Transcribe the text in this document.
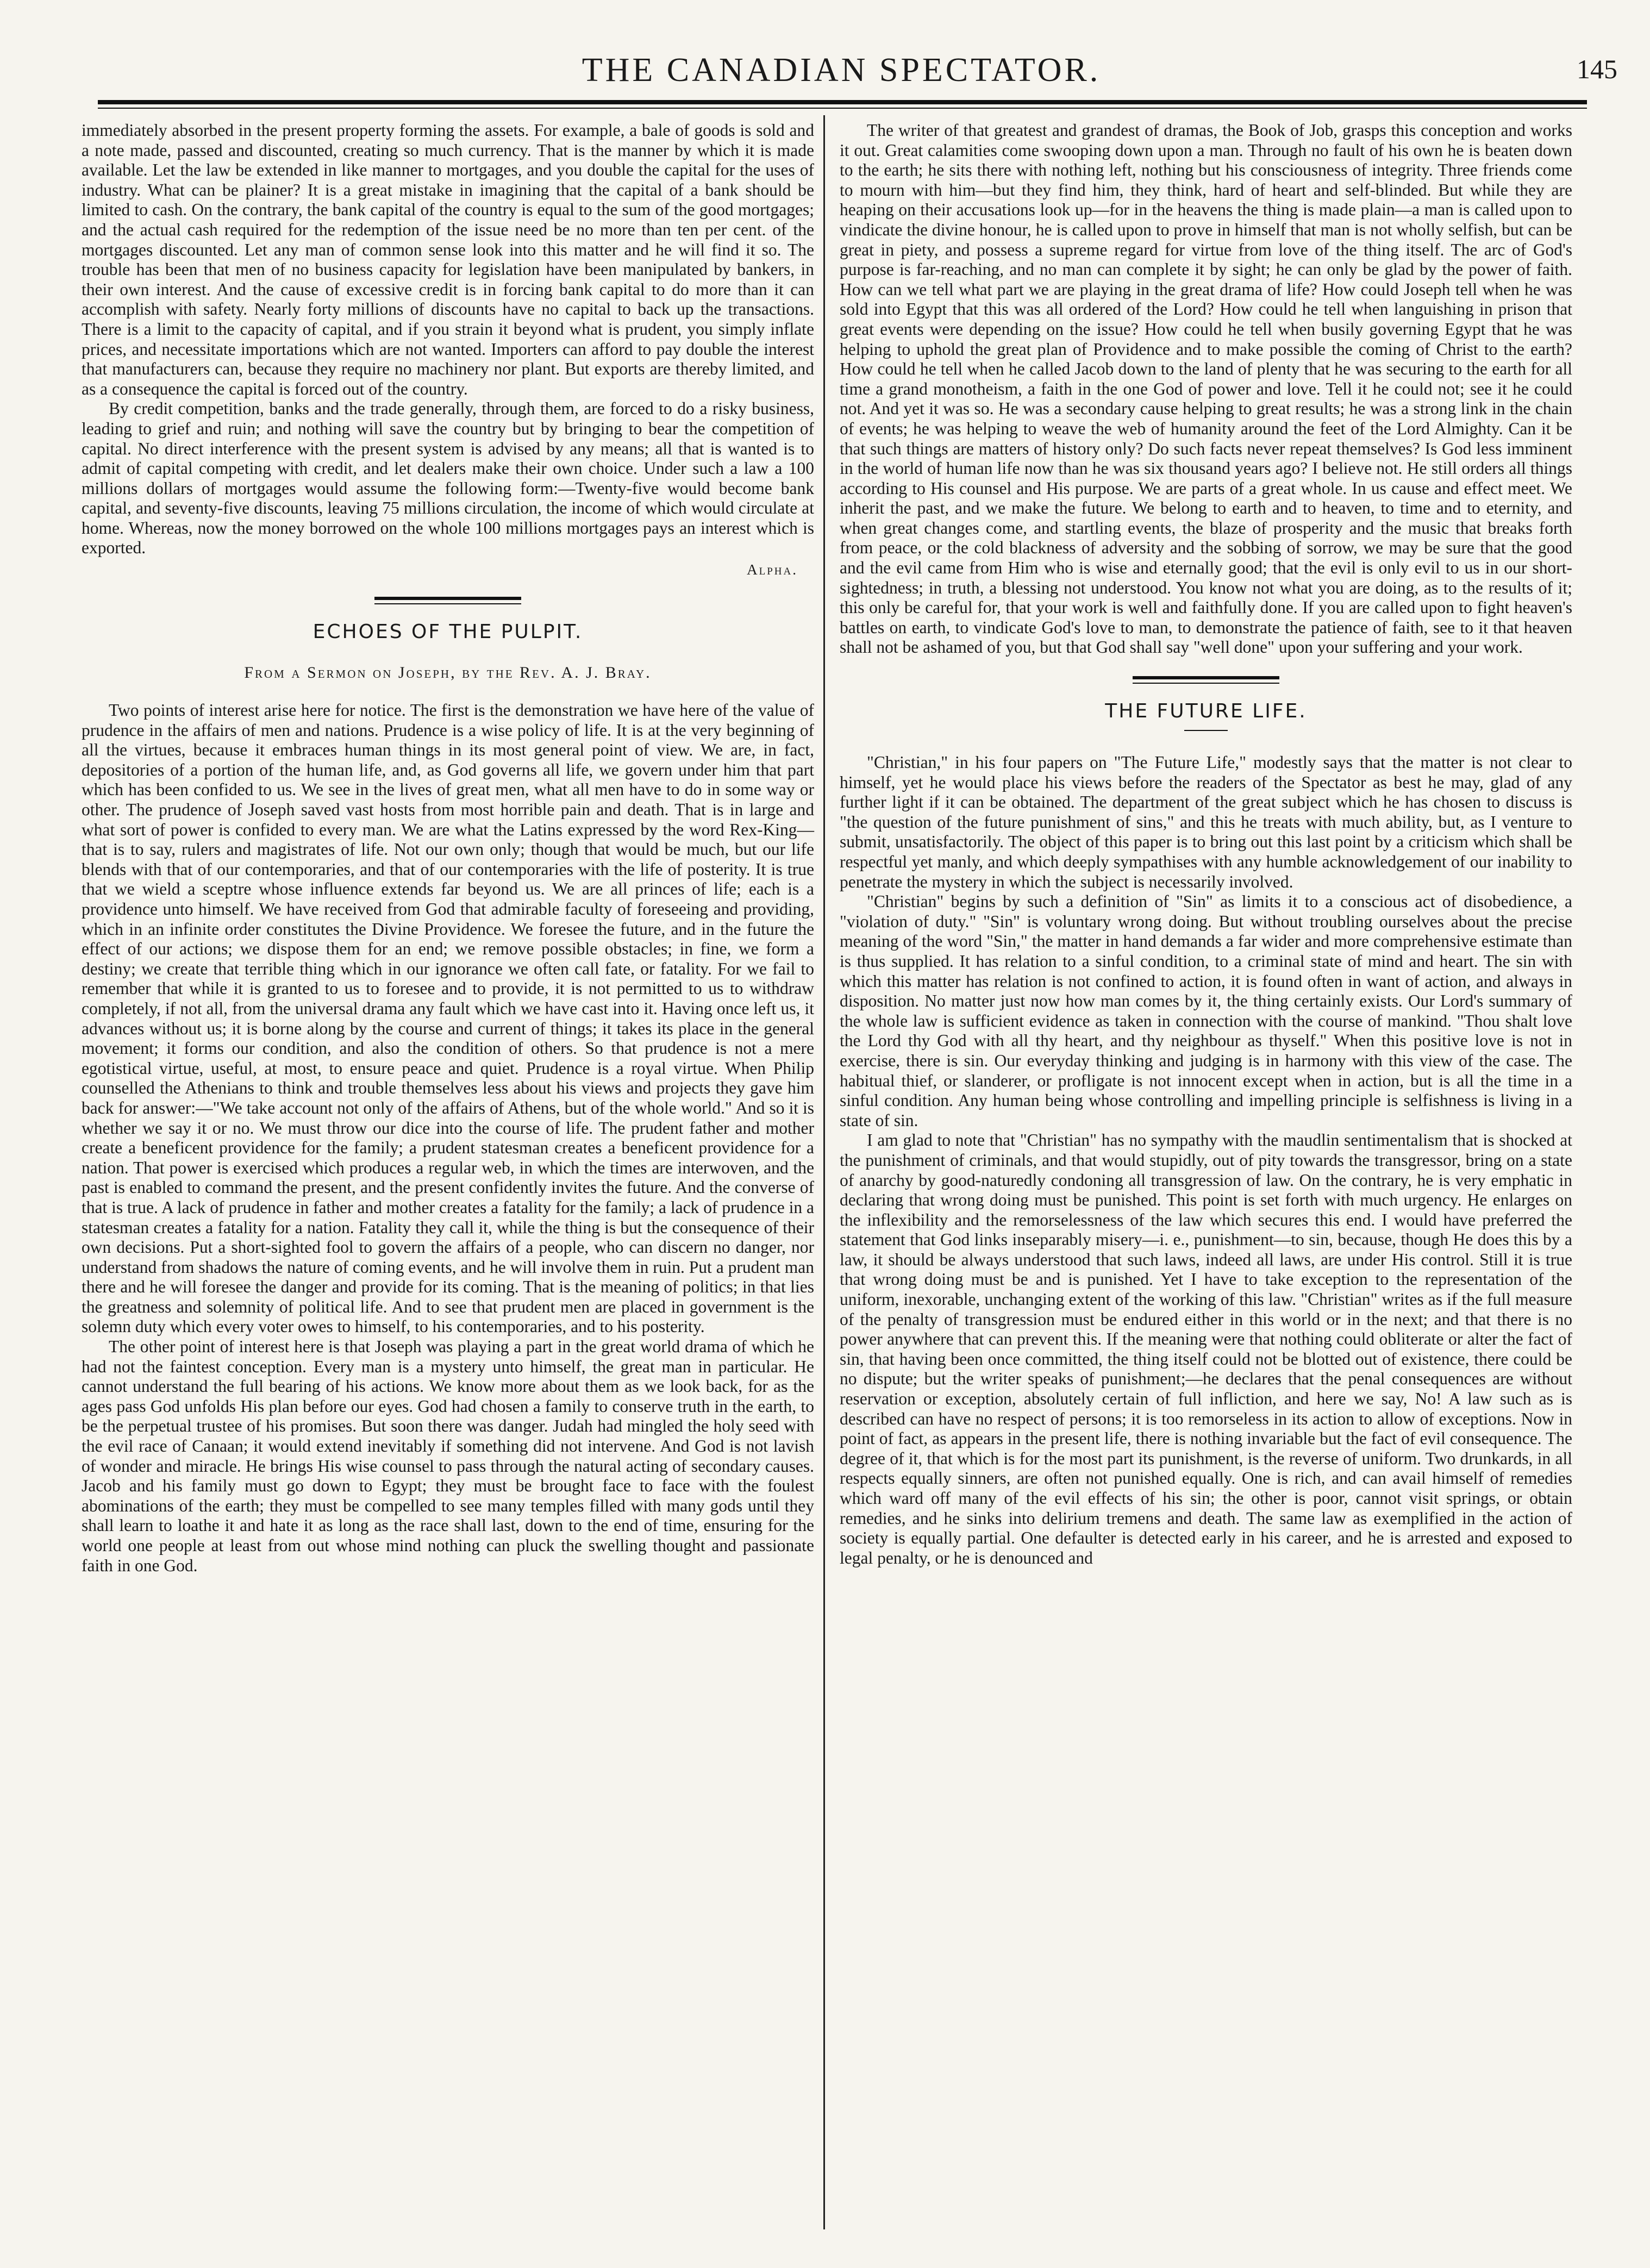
THE CANADIAN SPECTATOR.	145

immediately absorbed in the present property forming the assets. For example, a bale of goods is sold and a note made, passed and discounted, creating so much currency. That is the manner by which it is made available. Let the law be extended in like manner to mortgages, and you double the capital for the uses of industry. What can be plainer? It is a great mistake in imagining that the capital of a bank should be limited to cash. On the contrary, the bank capital of the country is equal to the sum of the good mortgages; and the actual cash required for the redemption of the issue need be no more than ten per cent. of the mortgages discounted. Let any man of common sense look into this matter and he will find it so. The trouble has been that men of no business capacity for legislation have been manipulated by bankers, in their own interest. And the cause of excessive credit is in forcing bank capital to do more than it can accomplish with safety. Nearly forty millions of discounts have no capital to back up the transactions. There is a limit to the capacity of capital, and if you strain it beyond what is prudent, you simply inflate prices, and necessitate importations which are not wanted. Importers can afford to pay double the interest that manufacturers can, because they require no machinery nor plant. But exports are thereby limited, and as a consequence the capital is forced out of the country.

By credit competition, banks and the trade generally, through them, are forced to do a risky business, leading to grief and ruin; and nothing will save the country but by bringing to bear the competition of capital. No direct interference with the present system is advised by any means; all that is wanted is to admit of capital competing with credit, and let dealers make their own choice. Under such a law a 100 millions dollars of mortgages would assume the following form:—Twenty-five would become bank capital, and seventy-five discounts, leaving 75 millions circulation, the income of which would circulate at home. Whereas, now the money borrowed on the whole 100 millions mortgages pays an interest which is exported.

Alpha.
ECHOES OF THE PULPIT.
From a Sermon on Joseph, by the Rev. A. J. Bray.

Two points of interest arise here for notice. The first is the demonstration we have here of the value of prudence in the affairs of men and nations. Prudence is a wise policy of life. It is at the very beginning of all the virtues, because it embraces human things in its most general point of view. We are, in fact, depositories of a portion of the human life, and, as God governs all life, we govern under him that part which has been confided to us. We see in the lives of great men, what all men have to do in some way or other. The prudence of Joseph saved vast hosts from most horrible pain and death. That is in large and what sort of power is confided to every man. We are what the Latins expressed by the word Rex-King—that is to say, rulers and magistrates of life. Not our own only; though that would be much, but our life blends with that of our contemporaries, and that of our contemporaries with the life of posterity. It is true that we wield a sceptre whose influence extends far beyond us. We are all princes of life; each is a providence unto himself. We have received from God that admirable faculty of foreseeing and providing, which in an infinite order constitutes the Divine Providence. We foresee the future, and in the future the effect of our actions; we dispose them for an end; we remove possible obstacles; in fine, we form a destiny; we create that terrible thing which in our ignorance we often call fate, or fatality. For we fail to remember that while it is granted to us to foresee and to provide, it is not permitted to us to withdraw completely, if not all, from the universal drama any fault which we have cast into it. Having once left us, it advances without us; it is borne along by the course and current of things; it takes its place in the general movement; it forms our condition, and also the condition of others. So that prudence is not a mere egotistical virtue, useful, at most, to ensure peace and quiet. Prudence is a royal virtue. When Philip counselled the Athenians to think and trouble themselves less about his views and projects they gave him back for answer:—"We take account not only of the affairs of Athens, but of the whole world." And so it is whether we say it or no. We must throw our dice into the course of life. The prudent father and mother create a beneficent providence for the family; a prudent statesman creates a beneficent providence for a nation. That power is exercised which produces a regular web, in which the times are interwoven, and the past is enabled to command the present, and the present confidently invites the future. And the converse of that is true. A lack of prudence in father and mother creates a fatality for the family; a lack of prudence in a statesman creates a fatality for a nation. Fatality they call it, while the thing is but the consequence of their own decisions. Put a short-sighted fool to govern the affairs of a people, who can discern no danger, nor understand from shadows the nature of coming events, and he will involve them in ruin. Put a prudent man there and he will foresee the danger and provide for its coming. That is the meaning of politics; in that lies the greatness and solemnity of political life. And to see that prudent men are placed in government is the solemn duty which every voter owes to himself, to his contemporaries, and to his posterity.

The other point of interest here is that Joseph was playing a part in the great world drama of which he had not the faintest conception. Every man is a mystery unto himself, the great man in particular. He cannot understand the full bearing of his actions. We know more about them as we look back, for as the ages pass God unfolds His plan before our eyes. God had chosen a family to conserve truth in the earth, to be the perpetual trustee of his promises. But soon there was danger. Judah had mingled the holy seed with the evil race of Canaan; it would extend inevitably if something did not intervene. And God is not lavish of wonder and miracle. He brings His wise counsel to pass through the natural acting of secondary causes. Jacob and his family must go down to Egypt; they must be brought face to face with the foulest abominations of the earth; they must be compelled to see many temples filled with many gods until they shall learn to loathe it and hate it as long as the race shall last, down to the end of time, ensuring for the world one people at least from out whose mind nothing can pluck the swelling thought and passionate faith in one God.

The writer of that greatest and grandest of dramas, the Book of Job, grasps this conception and works it out. Great calamities come swooping down upon a man. Through no fault of his own he is beaten down to the earth; he sits there with nothing left, nothing but his consciousness of integrity. Three friends come to mourn with him—but they find him, they think, hard of heart and self-blinded. But while they are heaping on their accusations look up—for in the heavens the thing is made plain—a man is called upon to vindicate the divine honour, he is called upon to prove in himself that man is not wholly selfish, but can be great in piety, and possess a supreme regard for virtue from love of the thing itself. The arc of God's purpose is far-reaching, and no man can complete it by sight; he can only be glad by the power of faith. How can we tell what part we are playing in the great drama of life? How could Joseph tell when he was sold into Egypt that this was all ordered of the Lord? How could he tell when languishing in prison that great events were depending on the issue? How could he tell when busily governing Egypt that he was helping to uphold the great plan of Providence and to make possible the coming of Christ to the earth? How could he tell when he called Jacob down to the land of plenty that he was securing to the earth for all time a grand monotheism, a faith in the one God of power and love. Tell it he could not; see it he could not. And yet it was so. He was a secondary cause helping to great results; he was a strong link in the chain of events; he was helping to weave the web of humanity around the feet of the Lord Almighty. Can it be that such things are matters of history only? Do such facts never repeat themselves? Is God less imminent in the world of human life now than he was six thousand years ago? I believe not. He still orders all things according to His counsel and His purpose. We are parts of a great whole. In us cause and effect meet. We inherit the past, and we make the future. We belong to earth and to heaven, to time and to eternity, and when great changes come, and startling events, the blaze of prosperity and the music that breaks forth from peace, or the cold blackness of adversity and the sobbing of sorrow, we may be sure that the good and the evil came from Him who is wise and eternally good; that the evil is only evil to us in our short-sightedness; in truth, a blessing not understood. You know not what you are doing, as to the results of it; this only be careful for, that your work is well and faithfully done. If you are called upon to fight heaven's battles on earth, to vindicate God's love to man, to demonstrate the patience of faith, see to it that heaven shall not be ashamed of you, but that God shall say "well done" upon your suffering and your work.

THE FUTURE LIFE.

"Christian," in his four papers on "The Future Life," modestly says that the matter is not clear to himself, yet he would place his views before the readers of the Spectator as best he may, glad of any further light if it can be obtained. The department of the great subject which he has chosen to discuss is "the question of the future punishment of sins," and this he treats with much ability, but, as I venture to submit, unsatisfactorily. The object of this paper is to bring out this last point by a criticism which shall be respectful yet manly, and which deeply sympathises with any humble acknowledgement of our inability to penetrate the mystery in which the subject is necessarily involved.

"Christian" begins by such a definition of "Sin" as limits it to a conscious act of disobedience, a "violation of duty." "Sin" is voluntary wrong doing. But without troubling ourselves about the precise meaning of the word "Sin," the matter in hand demands a far wider and more comprehensive estimate than is thus supplied. It has relation to a sinful condition, to a criminal state of mind and heart. The sin with which this matter has relation is not confined to action, it is found often in want of action, and always in disposition. No matter just now how man comes by it, the thing certainly exists. Our Lord's summary of the whole law is sufficient evidence as taken in connection with the course of mankind. "Thou shalt love the Lord thy God with all thy heart, and thy neighbour as thyself." When this positive love is not in exercise, there is sin. Our everyday thinking and judging is in harmony with this view of the case. The habitual thief, or slanderer, or profligate is not innocent except when in action, but is all the time in a sinful condition. Any human being whose controlling and impelling principle is selfishness is living in a state of sin.

I am glad to note that "Christian" has no sympathy with the maudlin sentimentalism that is shocked at the punishment of criminals, and that would stupidly, out of pity towards the transgressor, bring on a state of anarchy by good-naturedly condoning all transgression of law. On the contrary, he is very emphatic in declaring that wrong doing must be punished. This point is set forth with much urgency. He enlarges on the inflexibility and the remorselessness of the law which secures this end. I would have preferred the statement that God links inseparably misery—i. e., punishment—to sin, because, though He does this by a law, it should be always understood that such laws, indeed all laws, are under His control. Still it is true that wrong doing must be and is punished. Yet I have to take exception to the representation of the uniform, inexorable, unchanging extent of the working of this law. "Christian" writes as if the full measure of the penalty of transgression must be endured either in this world or in the next; and that there is no power anywhere that can prevent this. If the meaning were that nothing could obliterate or alter the fact of sin, that having been once committed, the thing itself could not be blotted out of existence, there could be no dispute; but the writer speaks of punishment;—he declares that the penal consequences are without reservation or exception, absolutely certain of full infliction, and here we say, No! A law such as is described can have no respect of persons; it is too remorseless in its action to allow of exceptions. Now in point of fact, as appears in the present life, there is nothing invariable but the fact of evil consequence. The degree of it, that which is for the most part its punishment, is the reverse of uniform. Two drunkards, in all respects equally sinners, are often not punished equally. One is rich, and can avail himself of remedies which ward off many of the evil effects of his sin; the other is poor, cannot visit springs, or obtain remedies, and he sinks into delirium tremens and death. The same law as exemplified in the action of society is equally partial. One defaulter is detected early in his career, and he is arrested and exposed to legal penalty, or he is denounced and
